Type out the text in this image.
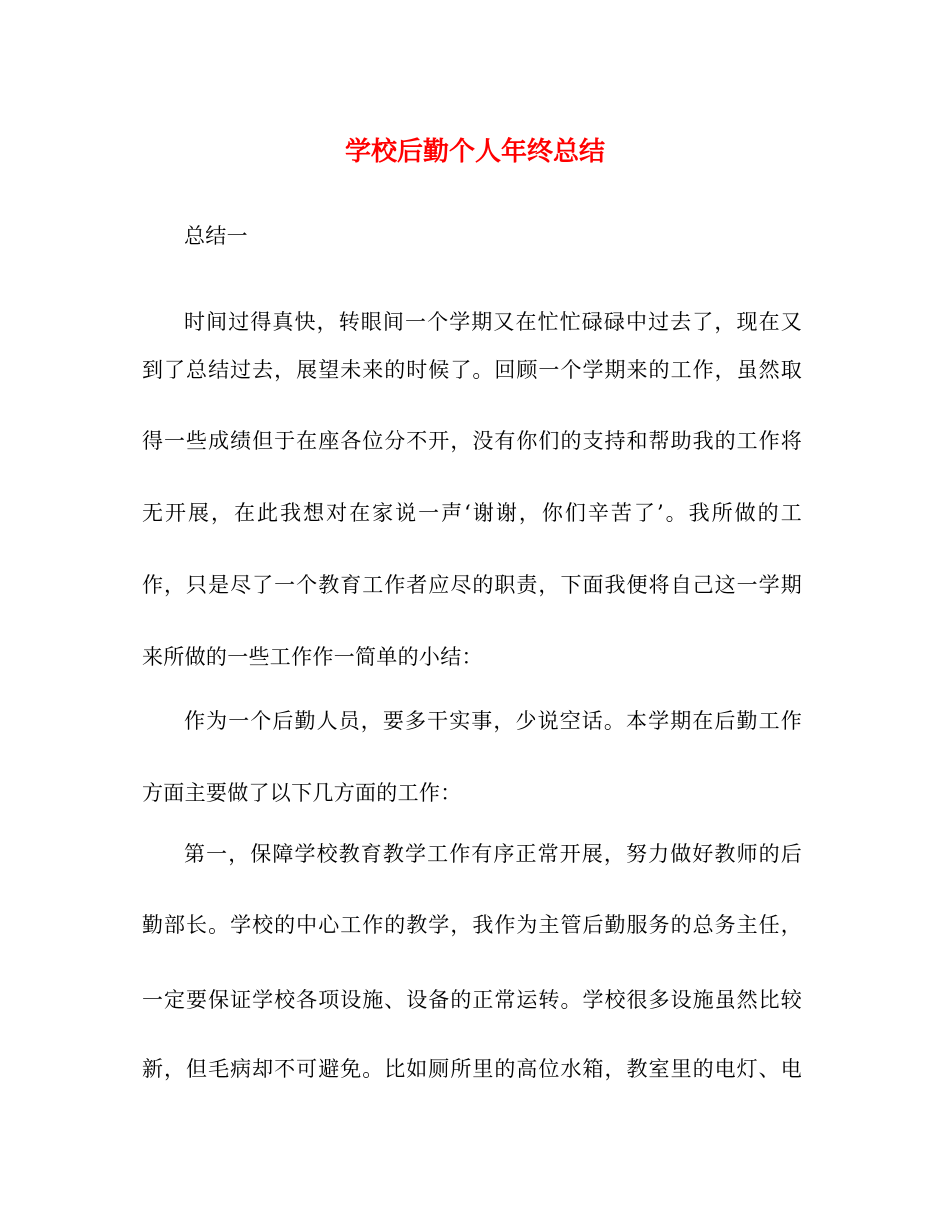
学校后勤个人年终总结
总结一
时间过得真快，转眼间一个学期又在忙忙碌碌中过去了，现在又
到了总结过去，展望未来的时候了。回顾一个学期来的工作，虽然取
得一些成绩但于在座各位分不开，没有你们的支持和帮助我的工作将
无开展，在此我想对在家说一声‘谢谢，你们辛苦了’。我所做的工
作，只是尽了一个教育工作者应尽的职责，下面我便将自己这一学期
来所做的一些工作作一简单的小结：
作为一个后勤人员，要多干实事，少说空话。本学期在后勤工作
方面主要做了以下几方面的工作：
第一，保障学校教育教学工作有序正常开展，努力做好教师的后
勤部长。学校的中心工作的教学，我作为主管后勤服务的总务主任，
一定要保证学校各项设施、设备的正常运转。学校很多设施虽然比较
新，但毛病却不可避免。比如厕所里的高位水箱，教室里的电灯、电
